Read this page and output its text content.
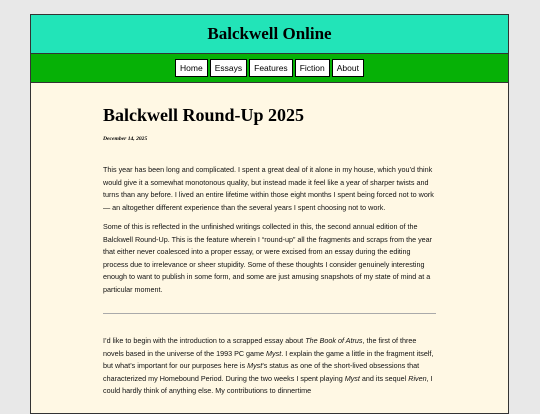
Balckwell Online
Home	Essays	Features	Fiction	About
Balckwell Round-Up 2025
December 14, 2025

This year has been long and complicated. I spent a great deal of it alone in my house, which you’d think would give it a somewhat monotonous quality, but instead made it feel like a year of sharper twists and turns than any before. I lived an entire lifetime within those eight months I spent being forced not to work — an altogether different experience than the several years I spent choosing not to work.

Some of this is reflected in the unfinished writings collected in this, the second annual edition of the Balckwell Round-Up. This is the feature wherein I “round-up” all the fragments and scraps from the year that either never coalesced into a proper essay, or were excised from an essay during the editing process due to irrelevance or sheer stupidity. Some of these thoughts I consider genuinely interesting enough to want to publish in some form, and some are just amusing snapshots of my state of mind at a particular moment.

I’d like to begin with the introduction to a scrapped essay about The Book of Atrus, the first of three novels based in the universe of the 1993 PC game Myst. I explain the game a little in the fragment itself, but what’s important for our purposes here is Myst’s status as one of the short-lived obsessions that characterized my Homebound Period. During the two weeks I spent playing Myst and its sequel Riven, I could hardly think of anything else. My contributions to dinnertime
